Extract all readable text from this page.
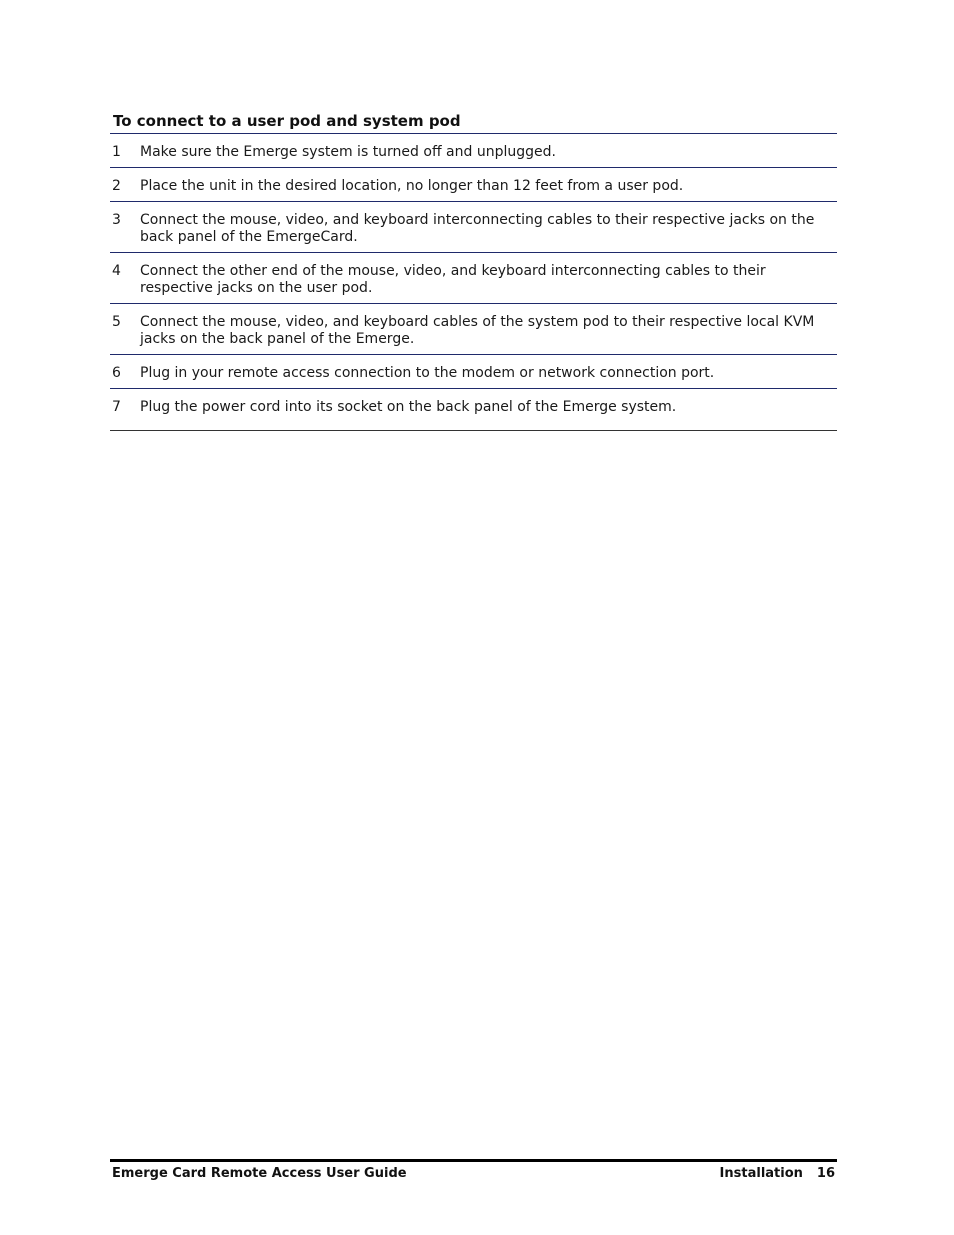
To connect to a user pod and system pod
1	Make sure the Emerge system is turned off and unplugged.
2	Place the unit in the desired location, no longer than 12 feet from a user pod.
3	Connect the mouse, video, and keyboard interconnecting cables to their respective jacks on the back panel of the EmergeCard.
4	Connect the other end of the mouse, video, and keyboard interconnecting cables to their respective jacks on the user pod.
5	Connect the mouse, video, and keyboard cables of the system pod to their respective local KVM jacks on the back panel of the Emerge.
6	Plug in your remote access connection to the modem or network connection port.
7	Plug the power cord into its socket on the back panel of the Emerge system.
Emerge Card Remote Access User Guide	Installation 16
